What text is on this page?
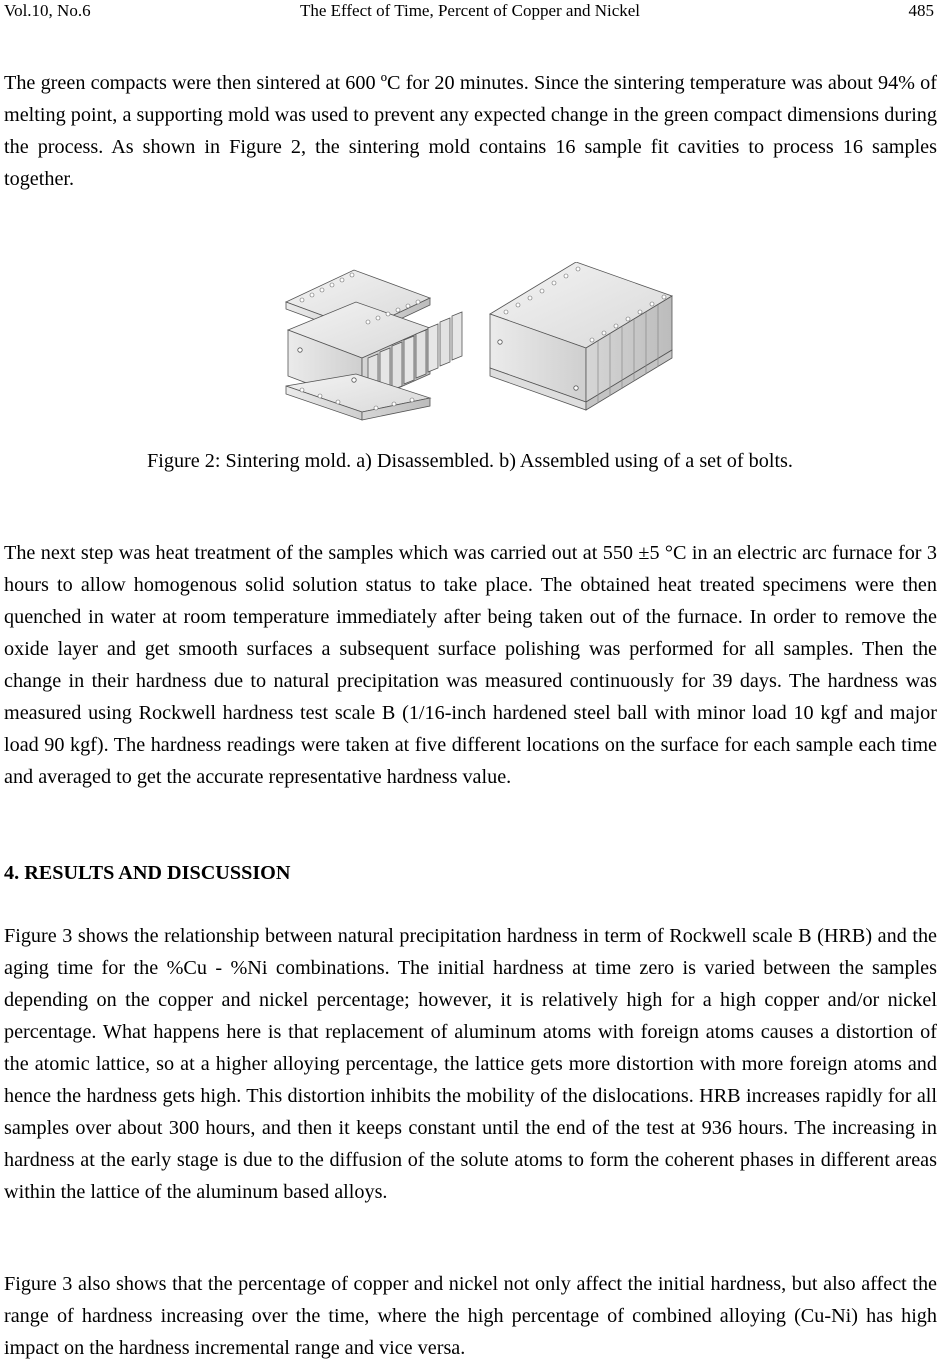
The Effect of Time, Percent of Copper and Nickel
Vol.10, No.6	485

The green compacts were then sintered at 600 ºC for 20 minutes. Since the sintering temperature was about 94% of melting point, a supporting mold was used to prevent any expected change in the green compact dimensions during the process. As shown in Figure 2, the sintering mold contains 16 sample fit cavities to process 16 samples together.

Figure 2: Sintering mold. a) Disassembled. b) Assembled using of a set of bolts.

The next step was heat treatment of the samples which was carried out at 550 ±5 °C in an electric arc furnace for 3 hours to allow homogenous solid solution status to take place. The obtained heat treated specimens were then quenched in water at room temperature immediately after being taken out of the furnace. In order to remove the oxide layer and get smooth surfaces a subsequent surface polishing was performed for all samples. Then the change in their hardness due to natural precipitation was measured continuously for 39 days. The hardness was measured using Rockwell hardness test scale B (1/16-inch hardened steel ball with minor load 10 kgf and major load 90 kgf). The hardness readings were taken at five different locations on the surface for each sample each time and averaged to get the accurate representative hardness value.

4. RESULTS AND DISCUSSION

Figure 3 shows the relationship between natural precipitation hardness in term of Rockwell scale B (HRB) and the aging time for the %Cu - %Ni combinations. The initial hardness at time zero is varied between the samples depending on the copper and nickel percentage; however, it is relatively high for a high copper and/or nickel percentage. What happens here is that replacement of aluminum atoms with foreign atoms causes a distortion of the atomic lattice, so at a higher alloying percentage, the lattice gets more distortion with more foreign atoms and hence the hardness gets high. This distortion inhibits the mobility of the dislocations. HRB increases rapidly for all samples over about 300 hours, and then it keeps constant until the end of the test at 936 hours. The increasing in hardness at the early stage is due to the diffusion of the solute atoms to form the coherent phases in different areas within the lattice of the aluminum based alloys.

Figure 3 also shows that the percentage of copper and nickel not only affect the initial hardness, but also affect the range of hardness increasing over the time, where the high percentage of combined alloying (Cu-Ni) has high impact on the hardness incremental range and vice versa.
